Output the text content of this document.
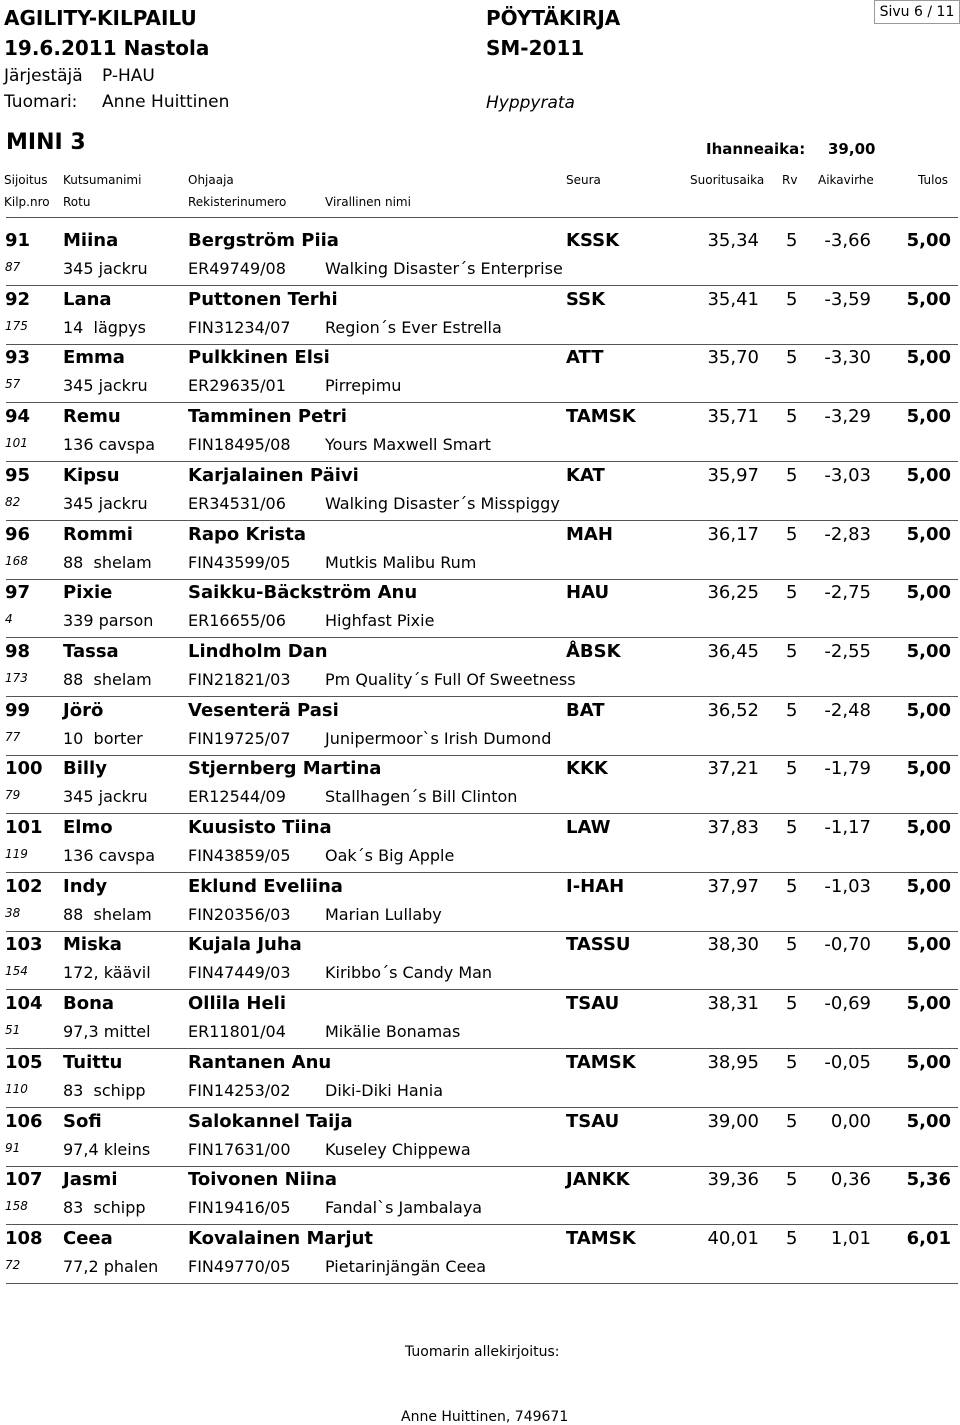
AGILITY-KILPAILU	PÖYTÄKIRJA	Sivu 6 / 11
19.6.2011 Nastola	SM-2011
Järjestäjä P-HAU
Tuomari: Anne Huittinen	Hyppyrata
MINI 3	Ihanneaika: 39,00
Sijoitus Kutsumanimi	Ohjaaja	Seura	Suoritusaika Rv Aikavirhe	Tulos
Kilp.nro Rotu	Rekisterinumero	Virallinen nimi
91 Miina	Bergström Piia	KSSK	35,34 5	-3,66	5,00
87	345 jackru	ER49749/08 Walking Disaster´s Enterprise
92 Lana	Puttonen Terhi	SSK	35,41 5	-3,59	5,00
175 14  lägpys	FIN31234/07 Region´s Ever Estrella
93 Emma	Pulkkinen Elsi	ATT	35,70 5	-3,30	5,00
57	345 jackru	ER29635/01 Pirrepimu
94 Remu	Tamminen Petri	TAMSK	35,71 5	-3,29	5,00
101 136 cavspa FIN18495/08 Yours Maxwell Smart
95 Kipsu	Karjalainen Päivi	KAT	35,97 5	-3,03	5,00
82	345 jackru	ER34531/06 Walking Disaster´s Misspiggy
96 Rommi	Rapo Krista	MAH	36,17 5	-2,83	5,00
168 88  shelam FIN43599/05 Mutkis Malibu Rum
97 Pixie	Saikku-Bäckström Anu	HAU	36,25 5	-2,75	5,00
4	339 parson ER16655/06 Highfast Pixie
98 Tassa	Lindholm Dan	ÅBSK	36,45 5	-2,55	5,00
173 88  shelam FIN21821/03 Pm Quality´s Full Of Sweetness
99 Jörö	Vesenterä Pasi	BAT	36,52 5	-2,48	5,00
77	10  borter	FIN19725/07 Junipermoor`s Irish Dumond
100 Billy	Stjernberg Martina	KKK	37,21 5	-1,79	5,00
79	345 jackru	ER12544/09 Stallhagen´s Bill Clinton
101 Elmo	Kuusisto Tiina	LAW	37,83 5	-1,17	5,00
119 136 cavspa FIN43859/05 Oak´s Big Apple
102 Indy	Eklund Eveliina	I-HAH	37,97 5	-1,03	5,00
38	88  shelam FIN20356/03 Marian Lullaby
103 Miska	Kujala Juha	TASSU	38,30 5	-0,70	5,00
154 172, käävil FIN47449/03 Kiribbo´s Candy Man
104 Bona	Ollila Heli	TSAU	38,31 5	-0,69	5,00
51	97,3 mittel ER11801/04 Mikälie Bonamas
105 Tuittu	Rantanen Anu	TAMSK	38,95 5	-0,05	5,00
110 83  schipp	FIN14253/02 Diki-Diki Hania
106 Sofi	Salokannel Taija	TSAU	39,00 5	0,00	5,00
91	97,4 kleins FIN17631/00 Kuseley Chippewa
107 Jasmi	Toivonen Niina	JANKK	39,36 5	0,36	5,36
158 83  schipp	FIN19416/05 Fandal`s Jambalaya
108 Ceea	Kovalainen Marjut	TAMSK	40,01 5	1,01	6,01
72	77,2 phalen FIN49770/05 Pietarinjängän Ceea
Tuomarin allekirjoitus:
Anne Huittinen, 749671
